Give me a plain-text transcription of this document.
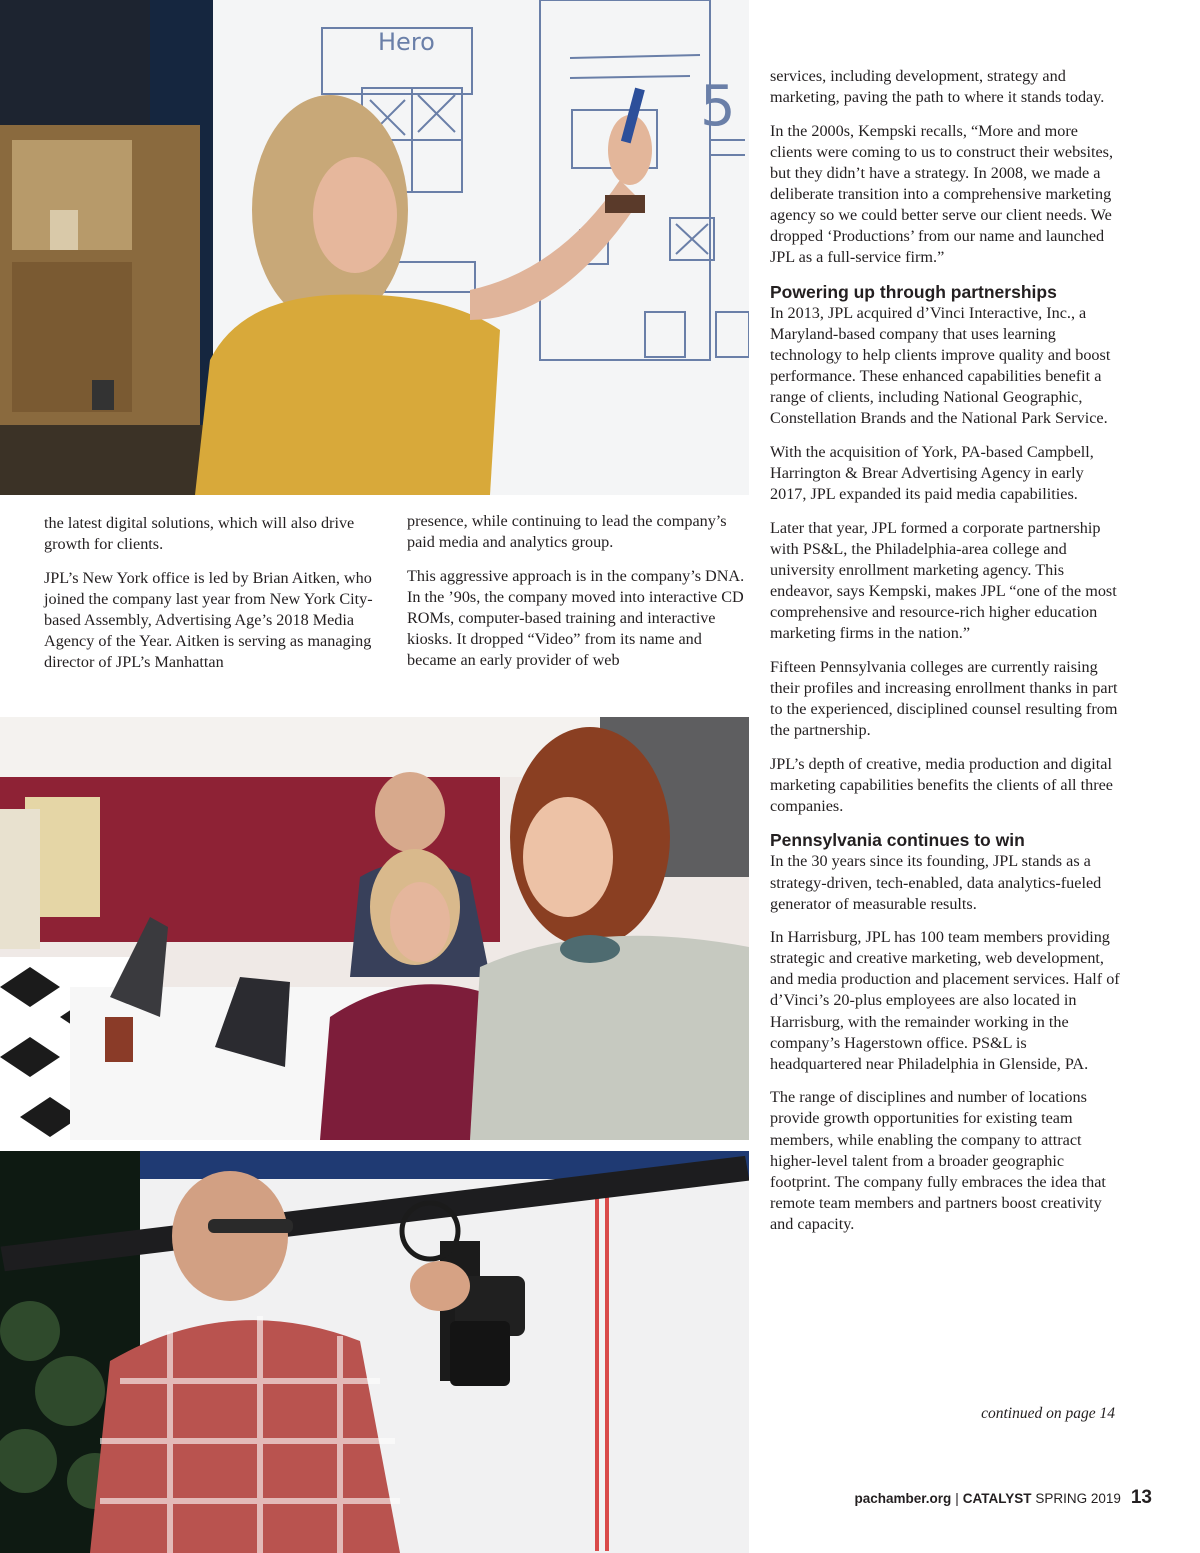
Hero
5

the latest digital solutions, which will also drive growth for clients.

JPL’s New York office is led by Brian Aitken, who joined the company last year from New York City-based Assembly, Advertising Age’s 2018 Media Agency of the Year. Aitken is serving as managing director of JPL’s Manhattan

presence, while continuing to lead the company’s paid media and analytics group.

This aggressive approach is in the company’s DNA. In the ’90s, the company moved into interactive CD ROMs, computer-based training and interactive kiosks. It dropped “Video” from its name and became an early provider of web

services, including development, strategy and marketing, paving the path to where it stands today.

In the 2000s, Kempski recalls, “More and more clients were coming to us to construct their websites, but they didn’t have a strategy. In 2008, we made a deliberate transition into a comprehensive marketing agency so we could better serve our client needs. We dropped ‘Productions’ from our name and launched JPL as a full-service firm.”

Powering up through partnerships

In 2013, JPL acquired d’Vinci Interactive, Inc., a Maryland-based company that uses learning technology to help clients improve quality and boost performance. These enhanced capabilities benefit a range of clients, including National Geographic, Constellation Brands and the National Park Service.

With the acquisition of York, PA-based Campbell, Harrington & Brear Advertising Agency in early 2017, JPL expanded its paid media capabilities.

Later that year, JPL formed a corporate partnership with PS&L, the Philadelphia-area college and university enrollment marketing agency. This endeavor, says Kempski, makes JPL “one of the most comprehensive and resource-rich higher education marketing firms in the nation.”

Fifteen Pennsylvania colleges are currently raising their profiles and increasing enrollment thanks in part to the experienced, disciplined counsel resulting from the partnership.

JPL’s depth of creative, media production and digital marketing capabilities benefits the clients of all three companies.

Pennsylvania continues to win

In the 30 years since its founding, JPL stands as a strategy-driven, tech-enabled, data analytics-fueled generator of measurable results.

In Harrisburg, JPL has 100 team members providing strategic and creative marketing, web development, and media production and placement services. Half of d’Vinci’s 20-plus employees are also located in Harrisburg, with the remainder working in the company’s Hagerstown office. PS&L is headquartered near Philadelphia in Glenside, PA.

The range of disciplines and number of locations provide growth opportunities for existing team members, while enabling the company to attract higher-level talent from a broader geographic footprint. The company fully embraces the idea that remote team members and partners boost creativity and capacity.

continued on page 14
pachamber.org | CATALYST SPRING 2019 13
